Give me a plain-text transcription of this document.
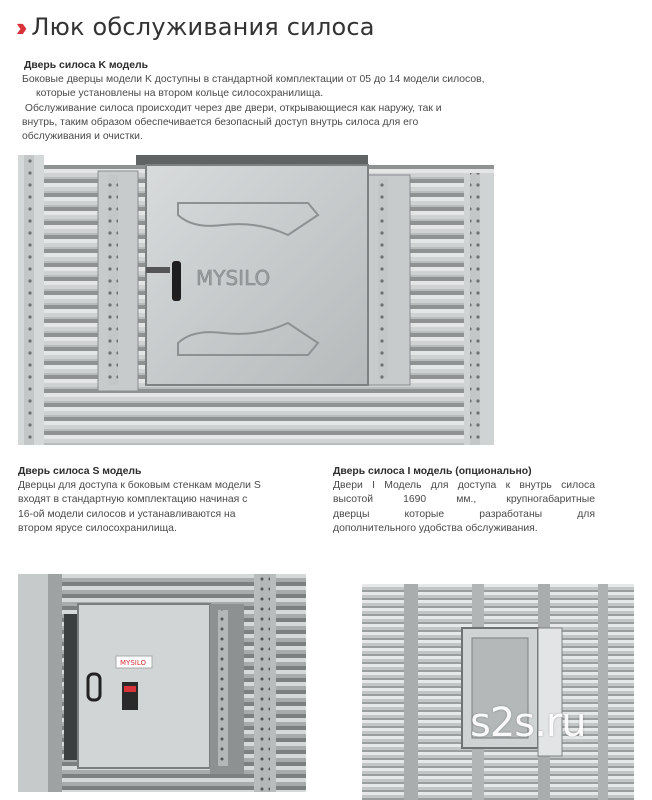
›› Люк обслуживания силоса
Дверь силоса K модель
Боковые дверцы модели K доступны в стандартной комплектации от 05 до 14 модели силосов,
которые установлены на втором кольце силосохранилища.
Обслуживание силоса происходит через две двери, открывающиеся как наружу, так и
внутрь, таким образом обеспечивается безопасный доступ внутрь силоса для его
обслуживания и очистки.
MYSILO
Дверь силоса S модель
Дверцы для доступа к боковым стенкам модели S
входят в стандартную комплектацию начиная с
16-ой модели силосов и устанавливаются на
втором ярусе силосохранилища.
Дверь силоса I модель (опционально)
Двери I Модель для доступа к внутрь силоса
высотой 1690 мм., крупногабаритные
дверцы которые разработаны для
дополнительного удобства обслуживания.
MYSILO
s2s.ru
